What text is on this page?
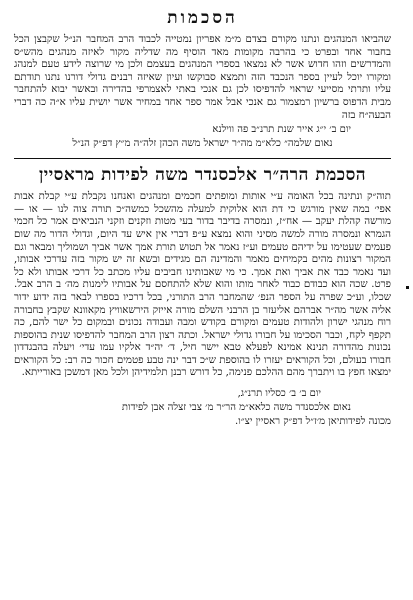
הסכמות

שהביאו המנהגים ונתנו מקורם בצדם מ״מ אפריון נמטייה לכבוד הרב המחבר הנ״ל שקבצן הכל בחבור אחד ובפרט כי בהרבה מקומות מאד הוסיף מה שדליה מקור לאיזה מנהגים מהש״ס והמדרשים וזהו חדוש אשר לא נמצאו בספרי המנהגים בעצמם ולכן מי שרוצה לידע טעם למנהג ומקורו יוכל לעיין בספר הנכבד הזה ותמצא סבוקשו ועיון שאיזה רבנים גדולי דורנו נתנו תודתם עליו ותרתי מסייעי שראוי להדפיסו לכן גם אנכי באתי לאצמרפי בהדירה ובאשר יבוא להתחבר מבית הדפוס ברשיון רמצמור גם אנכי אבל אמר ספר אחד במחיר אשר יושית עליו א״ה כה דברי הבעה״ח בזה

יום ב׳ י״ג אייר שנת תרנ״ב פה ווילנא

נאום שלמה״ כלא״מ מה״ר ישראל משה הכהן זלה״ה מ״ץ דפ״ק הנ״ל

הסכמת הרה״ר אלכסנדר משה לפידות מראסיין

תוה״ק ונתינה בכל האומה ע״י אותות ומופתים חכמים ומנהגים ואנחנו נקבלת ע״י קבלת אבות אפי׳ במה שאין מורגש כי דת הוא אלוקית למעלה מהשכל כמשה״כ תורה צוה לנו — או — מורשה קהלת יעקב — אח״ז, ונמסרה בדיבר בדור בעי מטות וזקנים וזקני הנביאים אמר כל חכמי הגמרא ונמסרה מורה למשה מסיני והוא נמצא ע״פ דברי אין איש עד היום, וגדולי הדור מה שום פעמים שעטימו על ידיהם טעמים וע״ז נאמר אל תטוש תורת אמך אשר אביך ושמוליך ומבאר וגם המקור רצונות מהים בקמיחים מאמר והמדינה הם מגידים ובשא זה יש מקור בזה עדרכי אבותו, ועד נאמר כבד את אביך ואת אמך. כי מי שאבותינו חביבים עליו מכתב כל דרכי אבותו ולא כל פרט. שכה הוא כבודם כבוד לאחר מותו והוא שלא להתחסם על אבותיו לימנות מה׳ ב הרב אבל. שכלו, וע״כ שפרה על הספר הנפ׳ שהמחבר הרב התורני, בכל דרכיו בספרו לבאר בזה ידוע ידור אליה אשר מה״ר אברהם אליעזר בן הרבני השלם מורה אייזק הירשאוויץ מקאוונא שקבץ בחבורה רוח מנהגי ישרון ולהודות טעמים ומקורם בקודש ומבה ועבודה נכונים ובמקום כל ישר להם, כה תקפף לקח, וכבר הסכימו על חבורו גדולי ישראל. וכתה רצון הרב המחבר להדפיסו שנית בהוספות נכונות מהדורה תנינא אמינא לפעלא טבא יישר חיל, ד׳ יה״ד אלקיו עמו עדי׳ ויעלה בהבגדדון חבורו בעולם, וכל הקוראים יעזרו לו בהוספת ש״כ דבר ינה טבע פטמים חכור כה רב: כל הקוראים ימצאו חפץ בו ויתברך מהם ההלכם פנימה, כל דורש רבנן תלמידיהן ולכל מאן דמשכן באורייתא.

יום ב׳ ב׳ כסליו תרנ״ג,

נאום אלכסנדר משה כלאא״מ הר״ר מ׳ צבי זצלה אבן לפידות

מכונה לפידותיאן מ׳ז״ל דפ״ק ראסיין יצ״ו.
